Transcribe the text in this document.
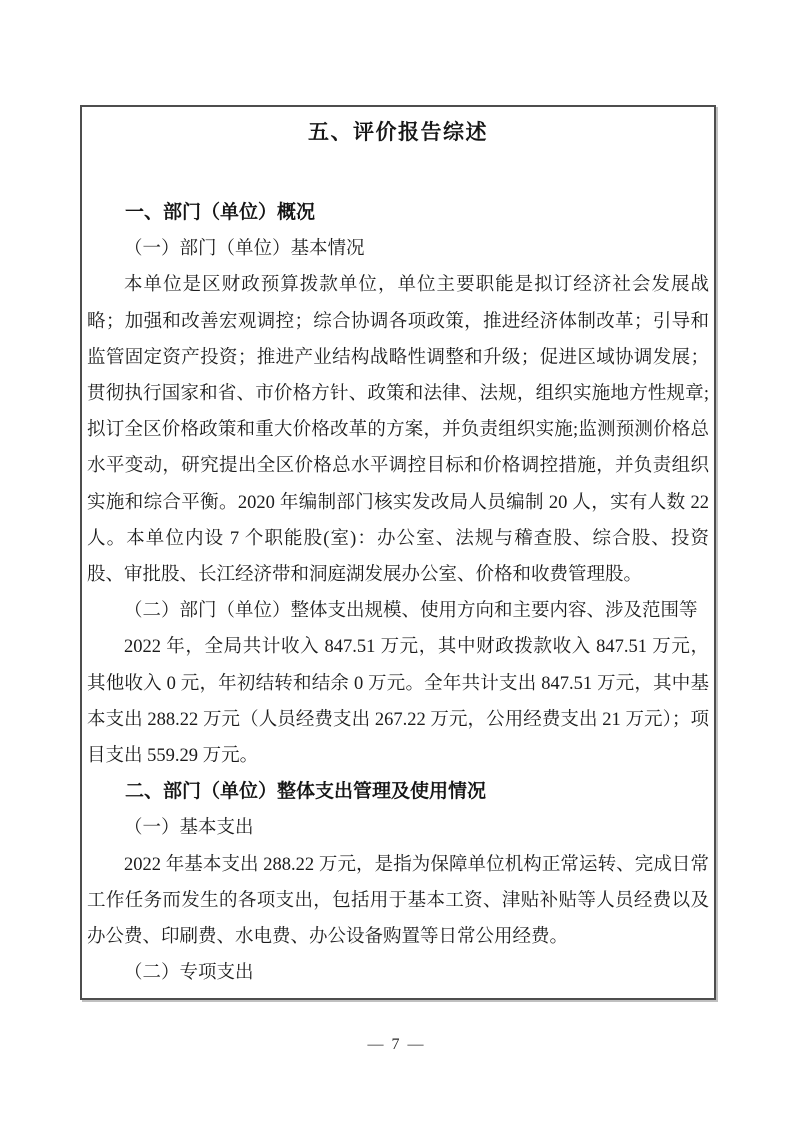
五、评价报告综述

一、部门（单位）概况

（一）部门（单位）基本情况

本单位是区财政预算拨款单位，单位主要职能是拟订经济社会发展战略；加强和改善宏观调控；综合协调各项政策，推进经济体制改革；引导和监管固定资产投资；推进产业结构战略性调整和升级；促进区域协调发展；贯彻执行国家和省、市价格方针、政策和法律、法规，组织实施地方性规章;拟订全区价格政策和重大价格改革的方案，并负责组织实施;监测预测价格总水平变动，研究提出全区价格总水平调控目标和价格调控措施，并负责组织实施和综合平衡。2020 年编制部门核实发改局人员编制 20 人，实有人数 22 人。本单位内设 7 个职能股(室)：办公室、法规与稽查股、综合股、投资股、审批股、长江经济带和洞庭湖发展办公室、价格和收费管理股。

（二）部门（单位）整体支出规模、使用方向和主要内容、涉及范围等

2022 年，全局共计收入 847.51 万元，其中财政拨款收入 847.51 万元，其他收入 0 元，年初结转和结余 0 万元。全年共计支出 847.51 万元，其中基本支出 288.22 万元（人员经费支出 267.22 万元，公用经费支出 21 万元）；项目支出 559.29 万元。

二、部门（单位）整体支出管理及使用情况

（一）基本支出

2022 年基本支出 288.22 万元，是指为保障单位机构正常运转、完成日常工作任务而发生的各项支出，包括用于基本工资、津贴补贴等人员经费以及办公费、印刷费、水电费、办公设备购置等日常公用经费。

（二）专项支出

— 7 —
